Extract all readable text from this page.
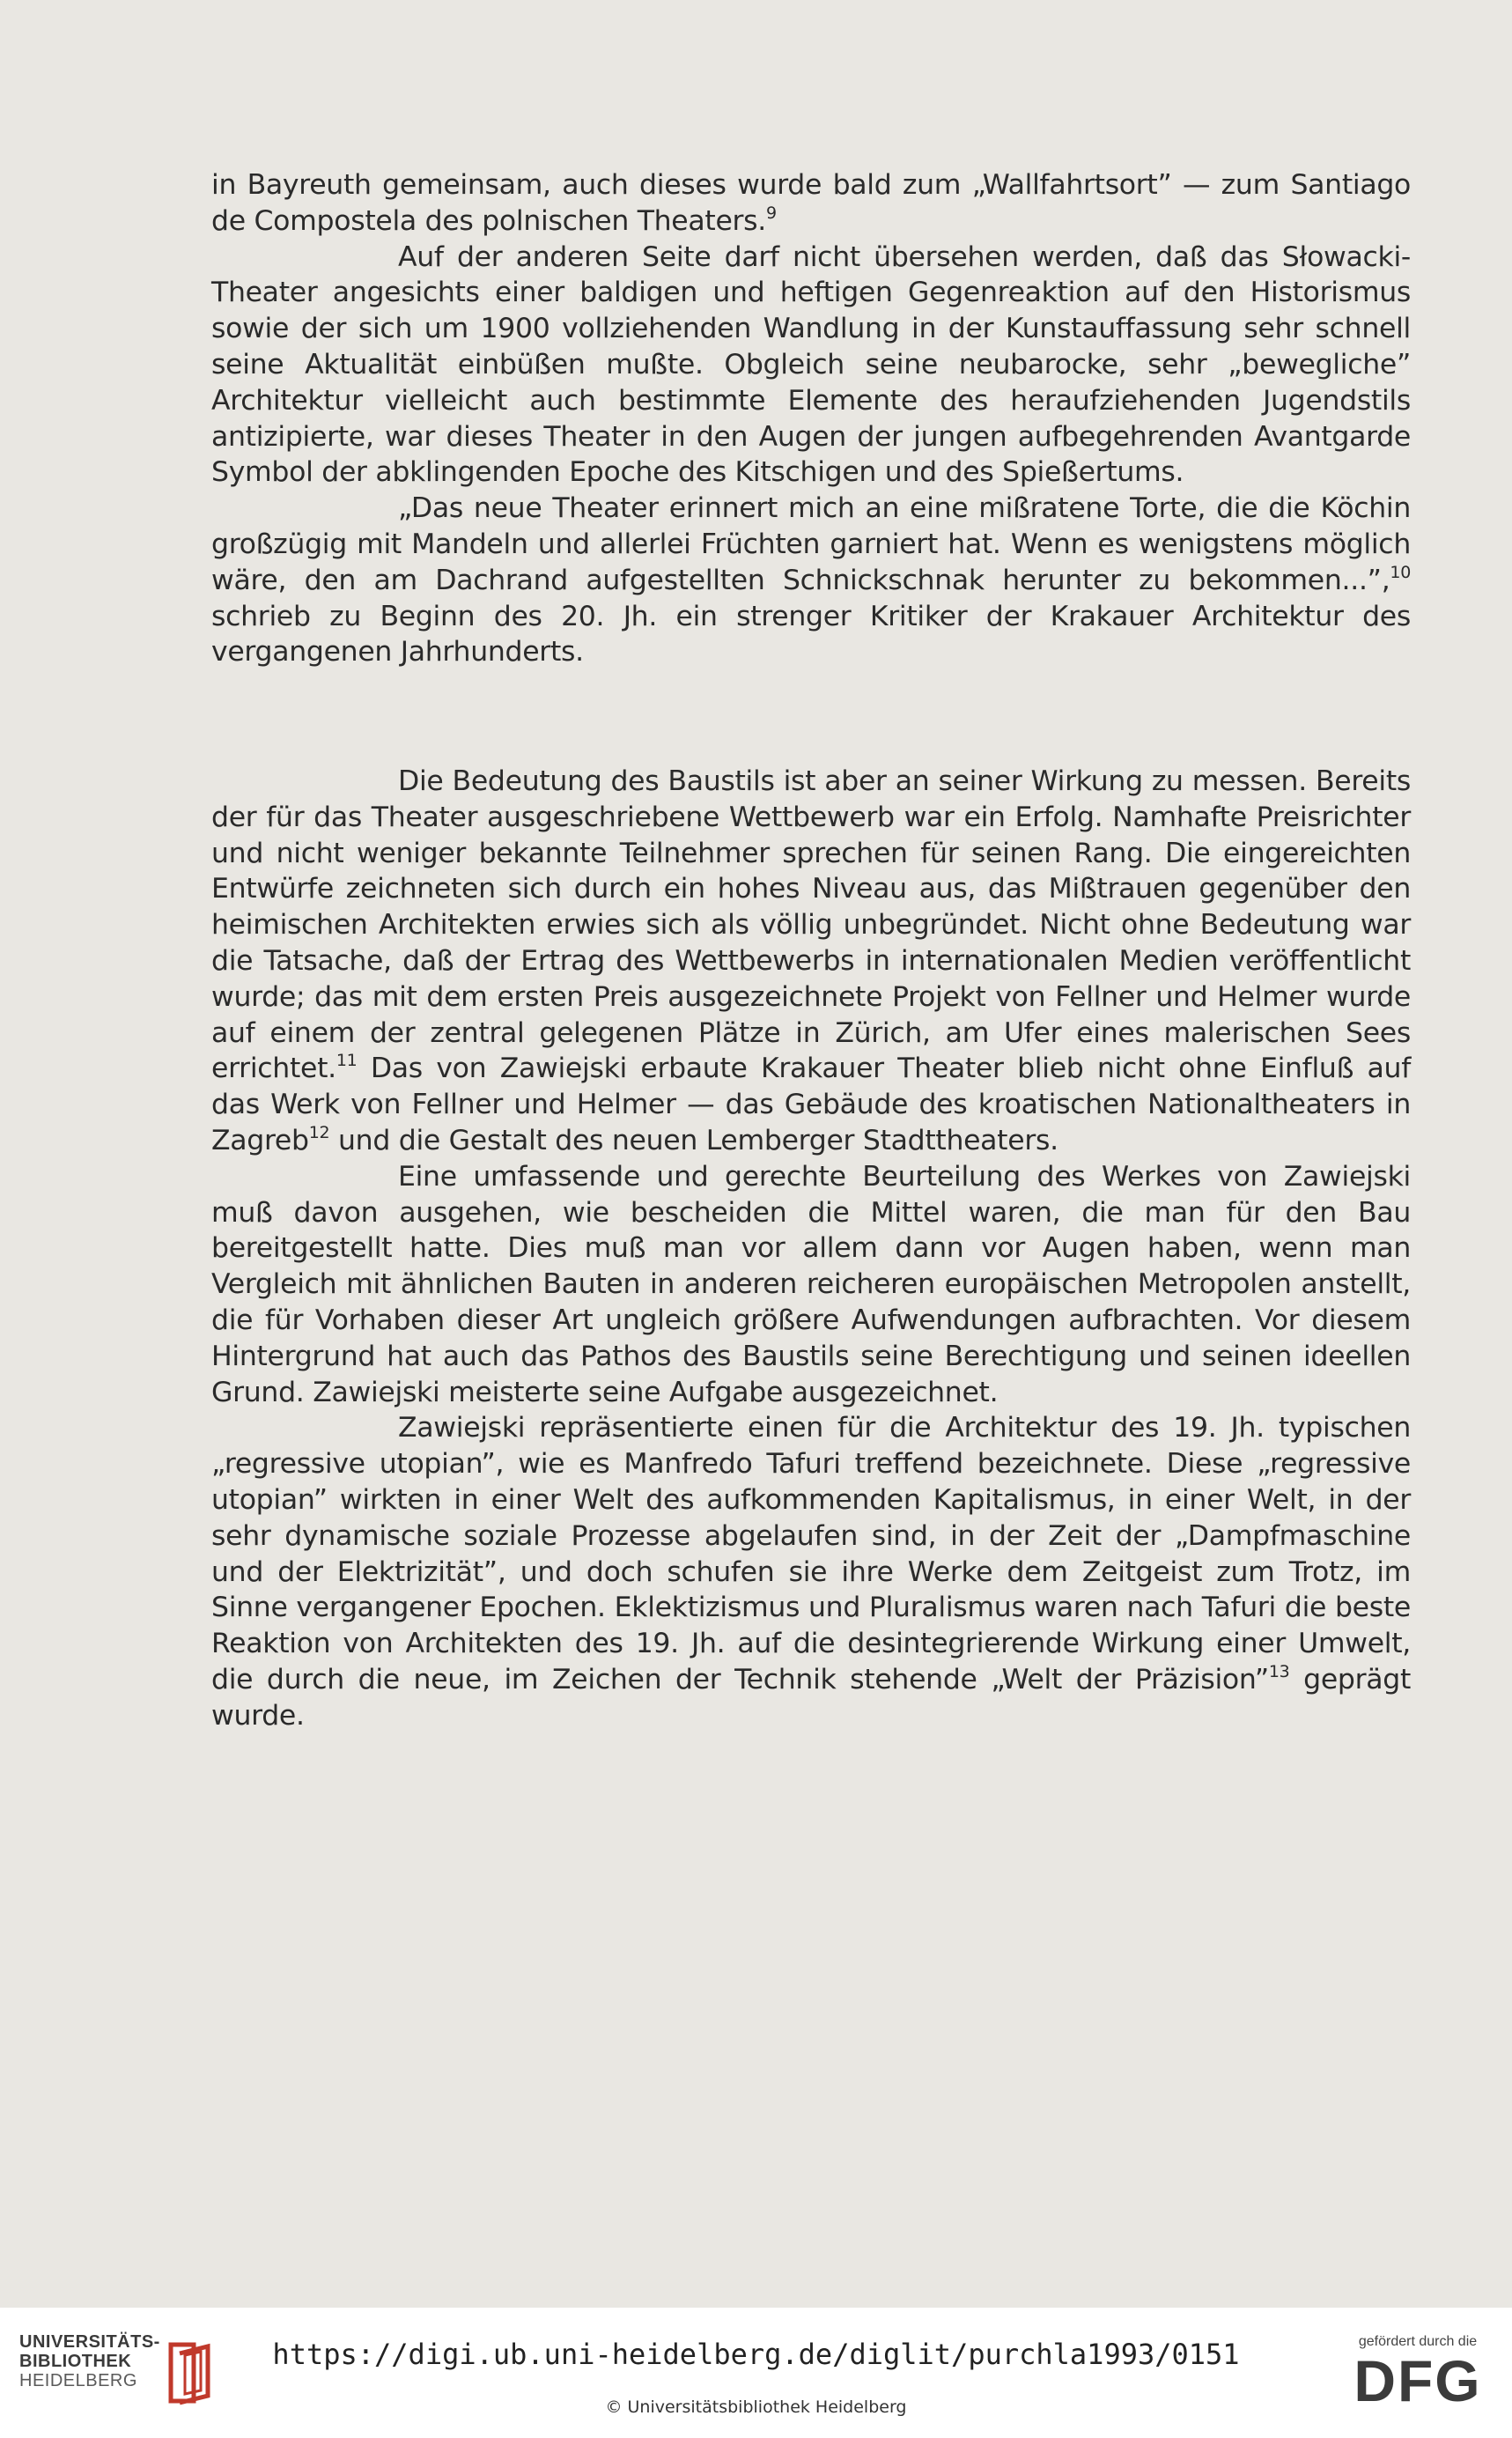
in Bayreuth gemeinsam, auch dieses wurde bald zum „Wallfahrtsort” — zum Santiago de Compostela des polnischen Theaters.$^9$

Auf der anderen Seite darf nicht übersehen werden, daß das Słowacki-Theater angesichts einer baldigen und heftigen Gegenreaktion auf den Historismus sowie der sich um 1900 vollziehenden Wandlung in der Kunstauffassung sehr schnell seine Aktualität einbüßen mußte. Obgleich seine neubarocke, sehr „bewegliche” Architektur vielleicht auch bestimmte Elemente des heraufziehenden Jugendstils antizipierte, war dieses Theater in den Augen der jungen aufbegehrenden Avantgarde Symbol der abklingenden Epoche des Kitschigen und des Spießertums.

„Das neue Theater erinnert mich an eine mißratene Torte, die die Köchin großzügig mit Mandeln und allerlei Früchten garniert hat. Wenn es wenigstens möglich wäre, den am Dachrand aufgestellten Schnickschnak herunter zu bekommen...”,$^{10}$ schrieb zu Beginn des 20. Jh. ein strenger Kritiker der Krakauer Architektur des vergangenen Jahrhunderts.

Die Bedeutung des Baustils ist aber an seiner Wirkung zu messen. Bereits der für das Theater ausgeschriebene Wettbewerb war ein Erfolg. Namhafte Preisrichter und nicht weniger bekannte Teilnehmer sprechen für seinen Rang. Die eingereichten Entwürfe zeichneten sich durch ein hohes Niveau aus, das Mißtrauen gegenüber den heimischen Architekten erwies sich als völlig unbegründet. Nicht ohne Bedeutung war die Tatsache, daß der Ertrag des Wettbewerbs in internationalen Medien veröffentlicht wurde; das mit dem ersten Preis ausgezeichnete Projekt von Fellner und Helmer wurde auf einem der zentral gelegenen Plätze in Zürich, am Ufer eines malerischen Sees errichtet.$^{11}$ Das von Zawiejski erbaute Krakauer Theater blieb nicht ohne Einfluß auf das Werk von Fellner und Helmer — das Gebäude des kroatischen Nationaltheaters in Zagreb$^{12}$ und die Gestalt des neuen Lemberger Stadttheaters.

Eine umfassende und gerechte Beurteilung des Werkes von Zawiejski muß davon ausgehen, wie bescheiden die Mittel waren, die man für den Bau bereitgestellt hatte. Dies muß man vor allem dann vor Augen haben, wenn man Vergleich mit ähnlichen Bauten in anderen reicheren europäischen Metropolen anstellt, die für Vorhaben dieser Art ungleich größere Aufwendungen aufbrachten. Vor diesem Hintergrund hat auch das Pathos des Baustils seine Berechtigung und seinen ideellen Grund. Zawiejski meisterte seine Aufgabe ausgezeichnet.

Zawiejski repräsentierte einen für die Architektur des 19. Jh. typischen „regressive utopian”, wie es Manfredo Tafuri treffend bezeichnete. Diese „regressive utopian” wirkten in einer Welt des aufkommenden Kapitalismus, in einer Welt, in der sehr dynamische soziale Prozesse abgelaufen sind, in der Zeit der „Dampfmaschine und der Elektrizität”, und doch schufen sie ihre Werke dem Zeitgeist zum Trotz, im Sinne vergangener Epochen. Eklektizismus und Pluralismus waren nach Tafuri die beste Reaktion von Architekten des 19. Jh. auf die desintegrierende Wirkung einer Umwelt, die durch die neue, im Zeichen der Technik stehende „Welt der Präzision”$^{13}$ geprägt wurde.

UNIVERSITÄTS-
BIBLIOTHEK
HEIDELBERG
https://digi.ub.uni-heidelberg.de/diglit/purchla1993/0151
© Universitätsbibliothek Heidelberg
gefördert durch die
DFG
